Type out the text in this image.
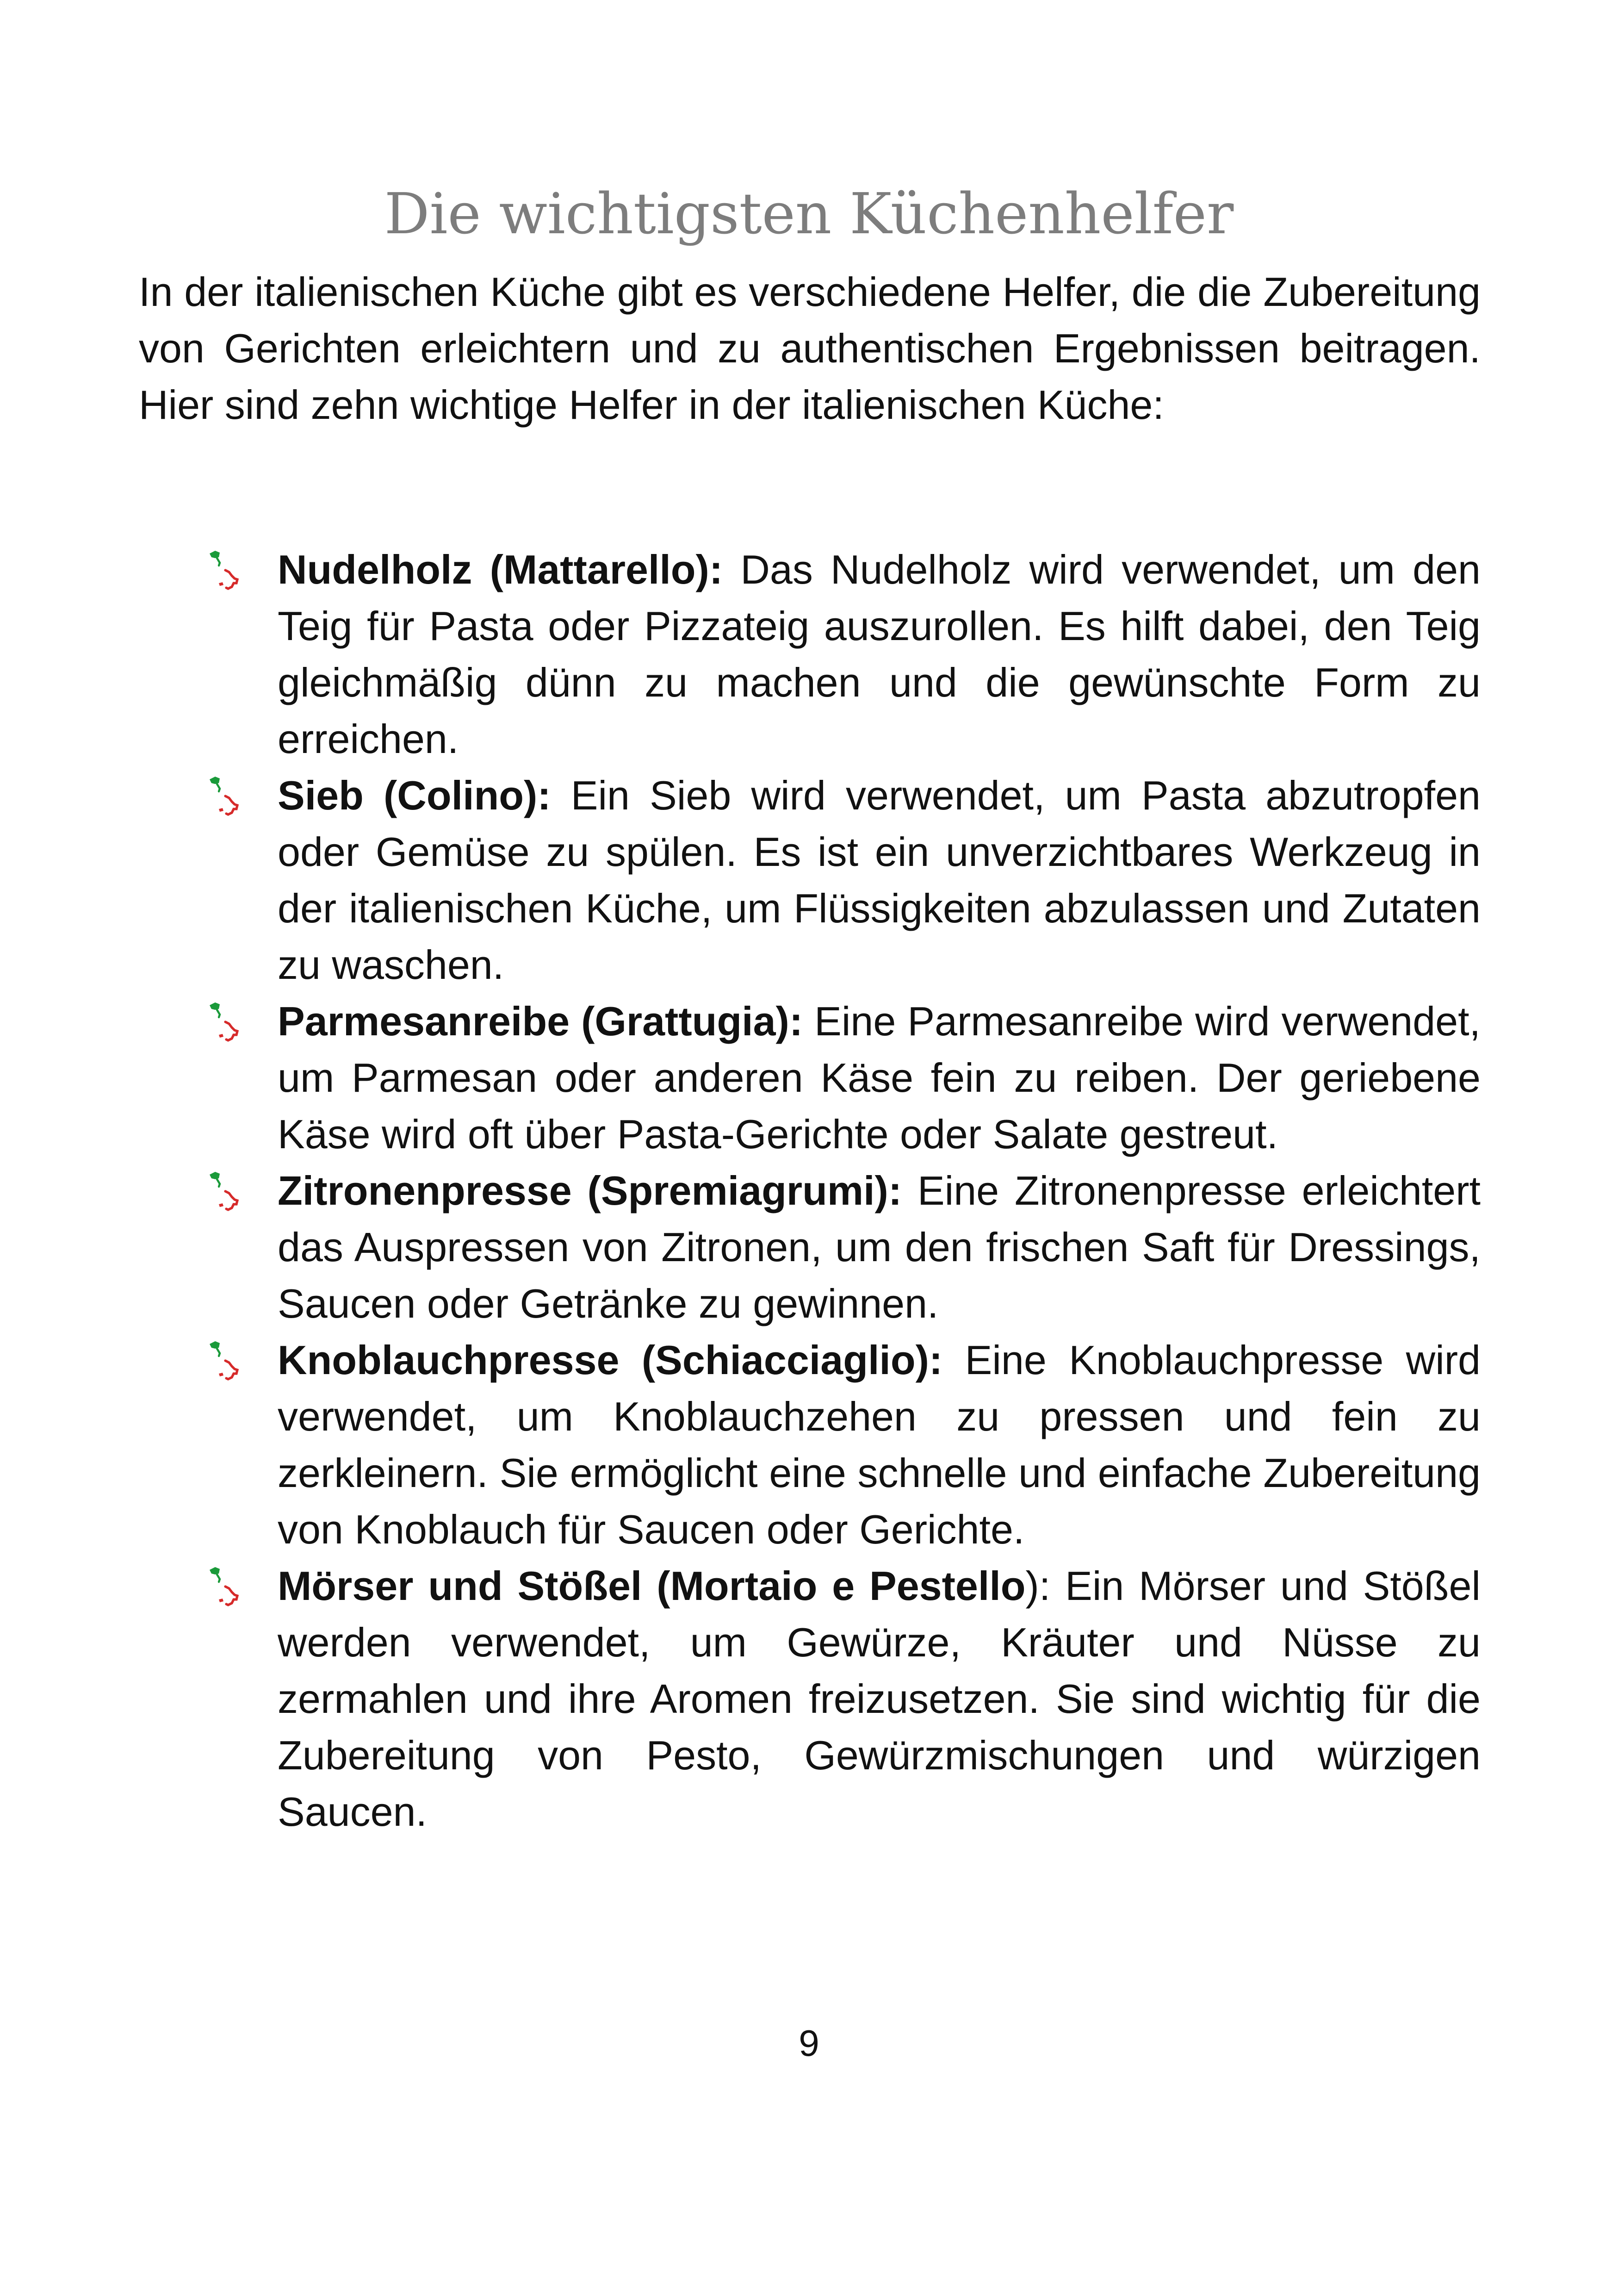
Die wichtigsten Küchenhelfer

In der italienischen Küche gibt es verschiedene Helfer, die die Zubereitung von Gerichten erleichtern und zu authentischen Ergebnissen beitragen. Hier sind zehn wichtige Helfer in der italienischen Küche:

Nudelholz (Mattarello): Das Nudelholz wird verwendet, um den Teig für Pasta oder Pizzateig auszurollen. Es hilft dabei, den Teig gleichmäßig dünn zu machen und die gewünschte Form zu erreichen.
Sieb (Colino): Ein Sieb wird verwendet, um Pasta abzutropfen oder Gemüse zu spülen. Es ist ein unverzichtbares Werkzeug in der italienischen Küche, um Flüssigkeiten abzulassen und Zutaten zu waschen.
Parmesanreibe (Grattugia): Eine Parmesanreibe wird verwendet, um Parmesan oder anderen Käse fein zu reiben. Der geriebene Käse wird oft über Pasta-Gerichte oder Salate gestreut.
Zitronenpresse (Spremiagrumi): Eine Zitronenpresse erleichtert das Auspressen von Zitronen, um den frischen Saft für Dressings, Saucen oder Getränke zu gewinnen.
Knoblauchpresse (Schiacciaglio): Eine Knoblauchpresse wird verwendet, um Knoblauchzehen zu pressen und fein zu zerkleinern. Sie ermöglicht eine schnelle und einfache Zubereitung von Knoblauch für Saucen oder Gerichte.
Mörser und Stößel (Mortaio e Pestello): Ein Mörser und Stößel werden verwendet, um Gewürze, Kräuter und Nüsse zu zermahlen und ihre Aromen freizusetzen. Sie sind wichtig für die Zubereitung von Pesto, Gewürzmischungen und würzigen Saucen.
9
